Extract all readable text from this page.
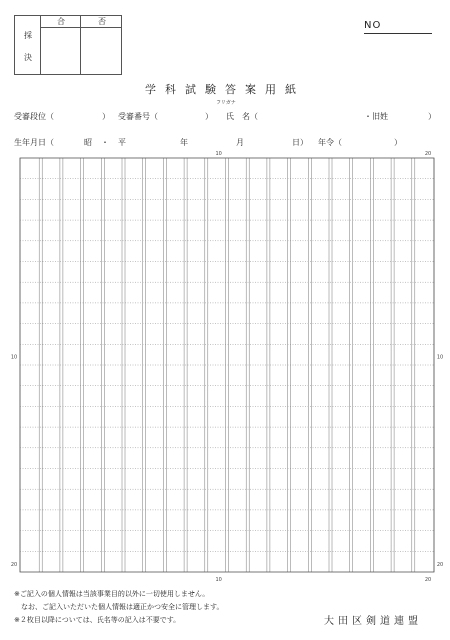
合	否
採
決
NO
学科試験答案用紙
受審段位（	） 受審番号（	） 氏　名（
フリガナ
・旧姓	）
生年月日（	昭 ・ 平	年	月	日） 年令（	）
10	20
10
20
10
20
10	20
※ご記入の個人情報は当該事業目的以外に一切使用しません。
　なお、ご記入いただいた個人情報は適正かつ安全に管理します。
※２枚目以降については、氏名等の記入は不要です。	大田区剣道連盟
